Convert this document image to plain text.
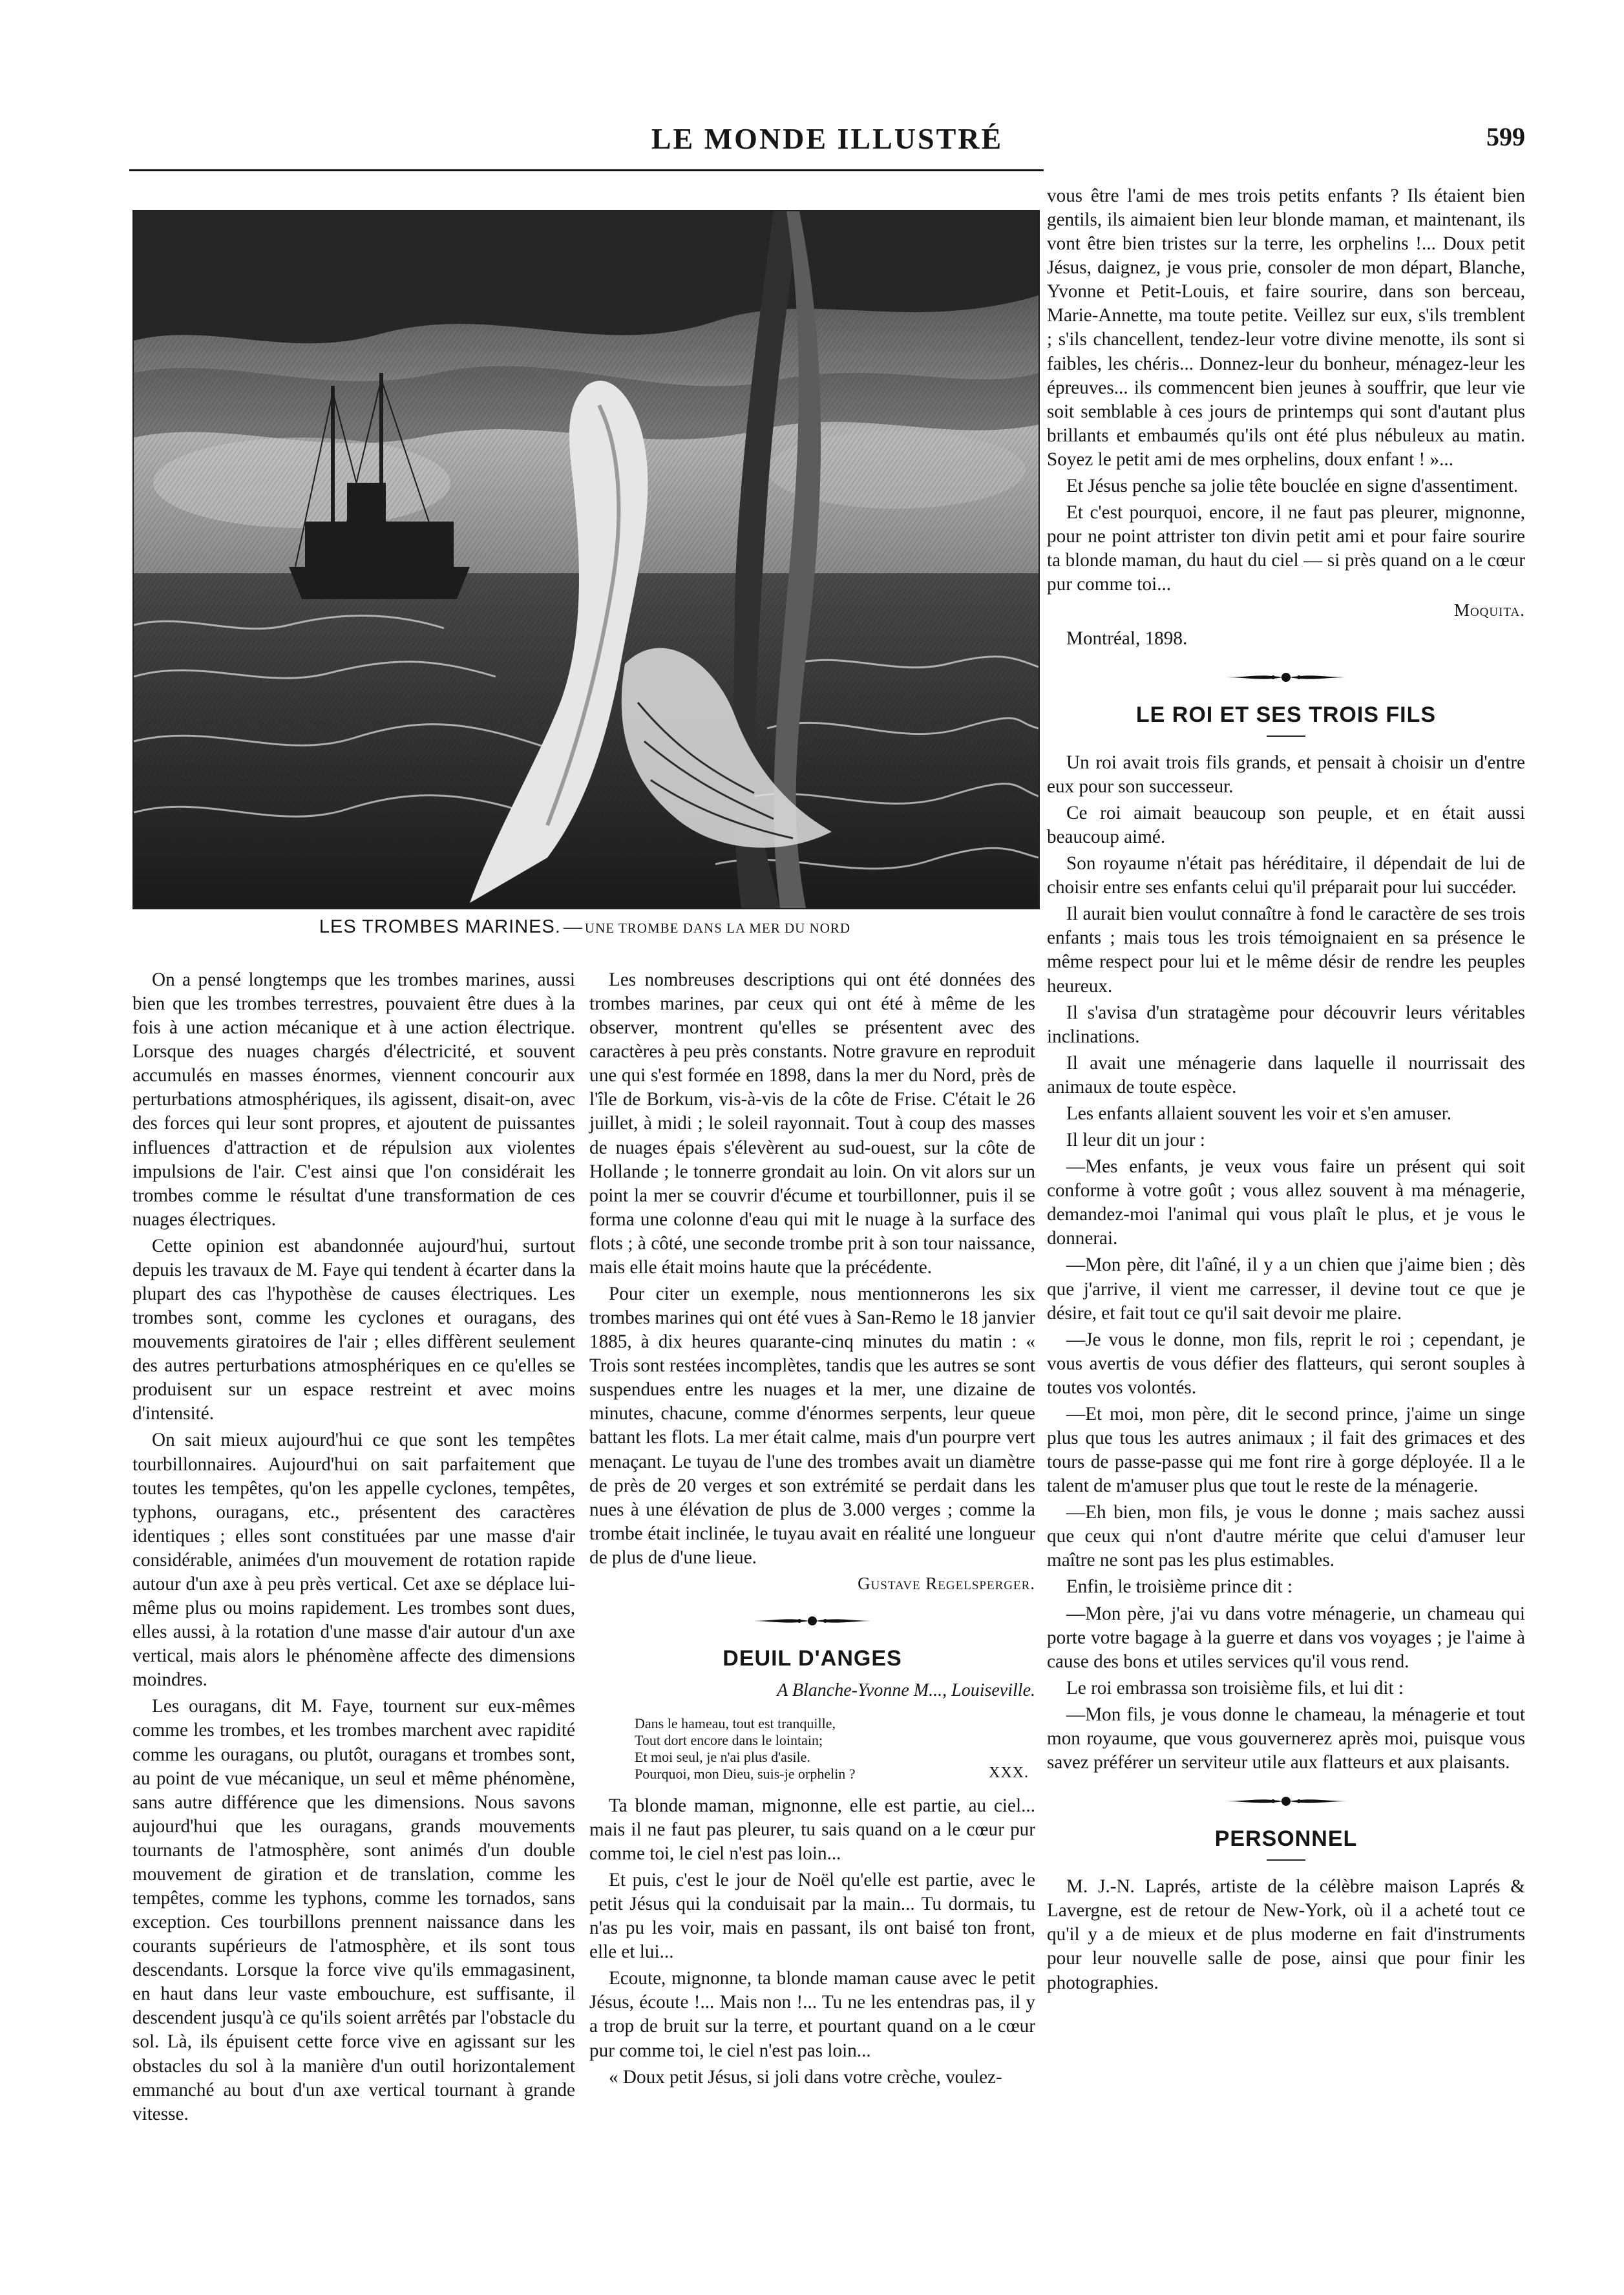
LE MONDE ILLUSTRÉ	599
LES TROMBES MARINES. — UNE TROMBE DANS LA MER DU NORD

On a pensé longtemps que les trombes marines, aussi bien que les trombes terrestres, pouvaient être dues à la fois à une action mécanique et à une action électrique. Lorsque des nuages chargés d'électricité, et souvent accumulés en masses énormes, viennent concourir aux perturbations atmosphériques, ils agissent, disait-on, avec des forces qui leur sont propres, et ajoutent de puissantes influences d'attraction et de répulsion aux violentes impulsions de l'air. C'est ainsi que l'on considérait les trombes comme le résultat d'une transformation de ces nuages électriques.

Cette opinion est abandonnée aujourd'hui, surtout depuis les travaux de M. Faye qui tendent à écarter dans la plupart des cas l'hypothèse de causes électriques. Les trombes sont, comme les cyclones et ouragans, des mouvements giratoires de l'air ; elles diffèrent seulement des autres perturbations atmosphériques en ce qu'elles se produisent sur un espace restreint et avec moins d'intensité.

On sait mieux aujourd'hui ce que sont les tempêtes tourbillonnaires. Aujourd'hui on sait parfaitement que toutes les tempêtes, qu'on les appelle cyclones, tempêtes, typhons, ouragans, etc., présentent des caractères identiques ; elles sont constituées par une masse d'air considérable, animées d'un mouvement de rotation rapide autour d'un axe à peu près vertical. Cet axe se déplace lui-même plus ou moins rapidement. Les trombes sont dues, elles aussi, à la rotation d'une masse d'air autour d'un axe vertical, mais alors le phénomène affecte des dimensions moindres.

Les ouragans, dit M. Faye, tournent sur eux-mêmes comme les trombes, et les trombes marchent avec rapidité comme les ouragans, ou plutôt, ouragans et trombes sont, au point de vue mécanique, un seul et même phénomène, sans autre différence que les dimensions. Nous savons aujourd'hui que les ouragans, grands mouvements tournants de l'atmosphère, sont animés d'un double mouvement de giration et de translation, comme les tempêtes, comme les typhons, comme les tornados, sans exception. Ces tourbillons prennent naissance dans les courants supérieurs de l'atmosphère, et ils sont tous descendants. Lorsque la force vive qu'ils emmagasinent, en haut dans leur vaste embouchure, est suffisante, il descendent jusqu'à ce qu'ils soient arrêtés par l'obstacle du sol. Là, ils épuisent cette force vive en agissant sur les obstacles du sol à la manière d'un outil horizontalement emmanché au bout d'un axe vertical tournant à grande vitesse.

Les nombreuses descriptions qui ont été données des trombes marines, par ceux qui ont été à même de les observer, montrent qu'elles se présentent avec des caractères à peu près constants. Notre gravure en reproduit une qui s'est formée en 1898, dans la mer du Nord, près de l'île de Borkum, vis-à-vis de la côte de Frise. C'était le 26 juillet, à midi ; le soleil rayonnait. Tout à coup des masses de nuages épais s'élevèrent au sud-ouest, sur la côte de Hollande ; le tonnerre grondait au loin. On vit alors sur un point la mer se couvrir d'écume et tourbillonner, puis il se forma une colonne d'eau qui mit le nuage à la surface des flots ; à côté, une seconde trombe prit à son tour naissance, mais elle était moins haute que la précédente.

Pour citer un exemple, nous mentionnerons les six trombes marines qui ont été vues à San-Remo le 18 janvier 1885, à dix heures quarante-cinq minutes du matin : « Trois sont restées incomplètes, tandis que les autres se sont suspendues entre les nuages et la mer, une dizaine de minutes, chacune, comme d'énormes serpents, leur queue battant les flots. La mer était calme, mais d'un pourpre vert menaçant. Le tuyau de l'une des trombes avait un diamètre de près de 20 verges et son extrémité se perdait dans les nues à une élévation de plus de 3.000 verges ; comme la trombe était inclinée, le tuyau avait en réalité une longueur de plus de d'une lieue.

Gustave Regelsperger.
DEUIL D'ANGES
A Blanche-Yvonne M..., Louiseville.
Dans le hameau, tout est tranquille,
Tout dort encore dans le lointain;
Et moi seul, je n'ai plus d'asile.
Pourquoi, mon Dieu, suis-je orphelin ?	XXX.

Ta blonde maman, mignonne, elle est partie, au ciel... mais il ne faut pas pleurer, tu sais quand on a le cœur pur comme toi, le ciel n'est pas loin...

Et puis, c'est le jour de Noël qu'elle est partie, avec le petit Jésus qui la conduisait par la main... Tu dormais, tu n'as pu les voir, mais en passant, ils ont baisé ton front, elle et lui...

Ecoute, mignonne, ta blonde maman cause avec le petit Jésus, écoute !... Mais non !... Tu ne les entendras pas, il y a trop de bruit sur la terre, et pourtant quand on a le cœur pur comme toi, le ciel n'est pas loin...

« Doux petit Jésus, si joli dans votre crèche, voulez-

vous être l'ami de mes trois petits enfants ? Ils étaient bien gentils, ils aimaient bien leur blonde maman, et maintenant, ils vont être bien tristes sur la terre, les orphelins !... Doux petit Jésus, daignez, je vous prie, consoler de mon départ, Blanche, Yvonne et Petit-Louis, et faire sourire, dans son berceau, Marie-Annette, ma toute petite. Veillez sur eux, s'ils tremblent ; s'ils chancellent, tendez-leur votre divine menotte, ils sont si faibles, les chéris... Donnez-leur du bonheur, ménagez-leur les épreuves... ils commencent bien jeunes à souffrir, que leur vie soit semblable à ces jours de printemps qui sont d'autant plus brillants et embaumés qu'ils ont été plus nébuleux au matin. Soyez le petit ami de mes orphelins, doux enfant ! »...

Et Jésus penche sa jolie tête bouclée en signe d'assentiment.

Et c'est pourquoi, encore, il ne faut pas pleurer, mignonne, pour ne point attrister ton divin petit ami et pour faire sourire ta blonde maman, du haut du ciel — si près quand on a le cœur pur comme toi...

Moquita.
Montréal, 1898.
LE ROI ET SES TROIS FILS

Un roi avait trois fils grands, et pensait à choisir un d'entre eux pour son successeur.

Ce roi aimait beaucoup son peuple, et en était aussi beaucoup aimé.

Son royaume n'était pas héréditaire, il dépendait de lui de choisir entre ses enfants celui qu'il préparait pour lui succéder.

Il aurait bien voulut connaître à fond le caractère de ses trois enfants ; mais tous les trois témoignaient en sa présence le même respect pour lui et le même désir de rendre les peuples heureux.

Il s'avisa d'un stratagème pour découvrir leurs véritables inclinations.

Il avait une ménagerie dans laquelle il nourrissait des animaux de toute espèce.

Les enfants allaient souvent les voir et s'en amuser.

Il leur dit un jour :

—Mes enfants, je veux vous faire un présent qui soit conforme à votre goût ; vous allez souvent à ma ménagerie, demandez-moi l'animal qui vous plaît le plus, et je vous le donnerai.

—Mon père, dit l'aîné, il y a un chien que j'aime bien ; dès que j'arrive, il vient me carresser, il devine tout ce que je désire, et fait tout ce qu'il sait devoir me plaire.

—Je vous le donne, mon fils, reprit le roi ; cependant, je vous avertis de vous défier des flatteurs, qui seront souples à toutes vos volontés.

—Et moi, mon père, dit le second prince, j'aime un singe plus que tous les autres animaux ; il fait des grimaces et des tours de passe-passe qui me font rire à gorge déployée. Il a le talent de m'amuser plus que tout le reste de la ménagerie.

—Eh bien, mon fils, je vous le donne ; mais sachez aussi que ceux qui n'ont d'autre mérite que celui d'amuser leur maître ne sont pas les plus estimables.

Enfin, le troisième prince dit :

—Mon père, j'ai vu dans votre ménagerie, un chameau qui porte votre bagage à la guerre et dans vos voyages ; je l'aime à cause des bons et utiles services qu'il vous rend.

Le roi embrassa son troisième fils, et lui dit :

—Mon fils, je vous donne le chameau, la ménagerie et tout mon royaume, que vous gouvernerez après moi, puisque vous savez préférer un serviteur utile aux flatteurs et aux plaisants.

PERSONNEL

M. J.-N. Laprés, artiste de la célèbre maison Laprés & Lavergne, est de retour de New-York, où il a acheté tout ce qu'il y a de mieux et de plus moderne en fait d'instruments pour leur nouvelle salle de pose, ainsi que pour finir les photographies.
